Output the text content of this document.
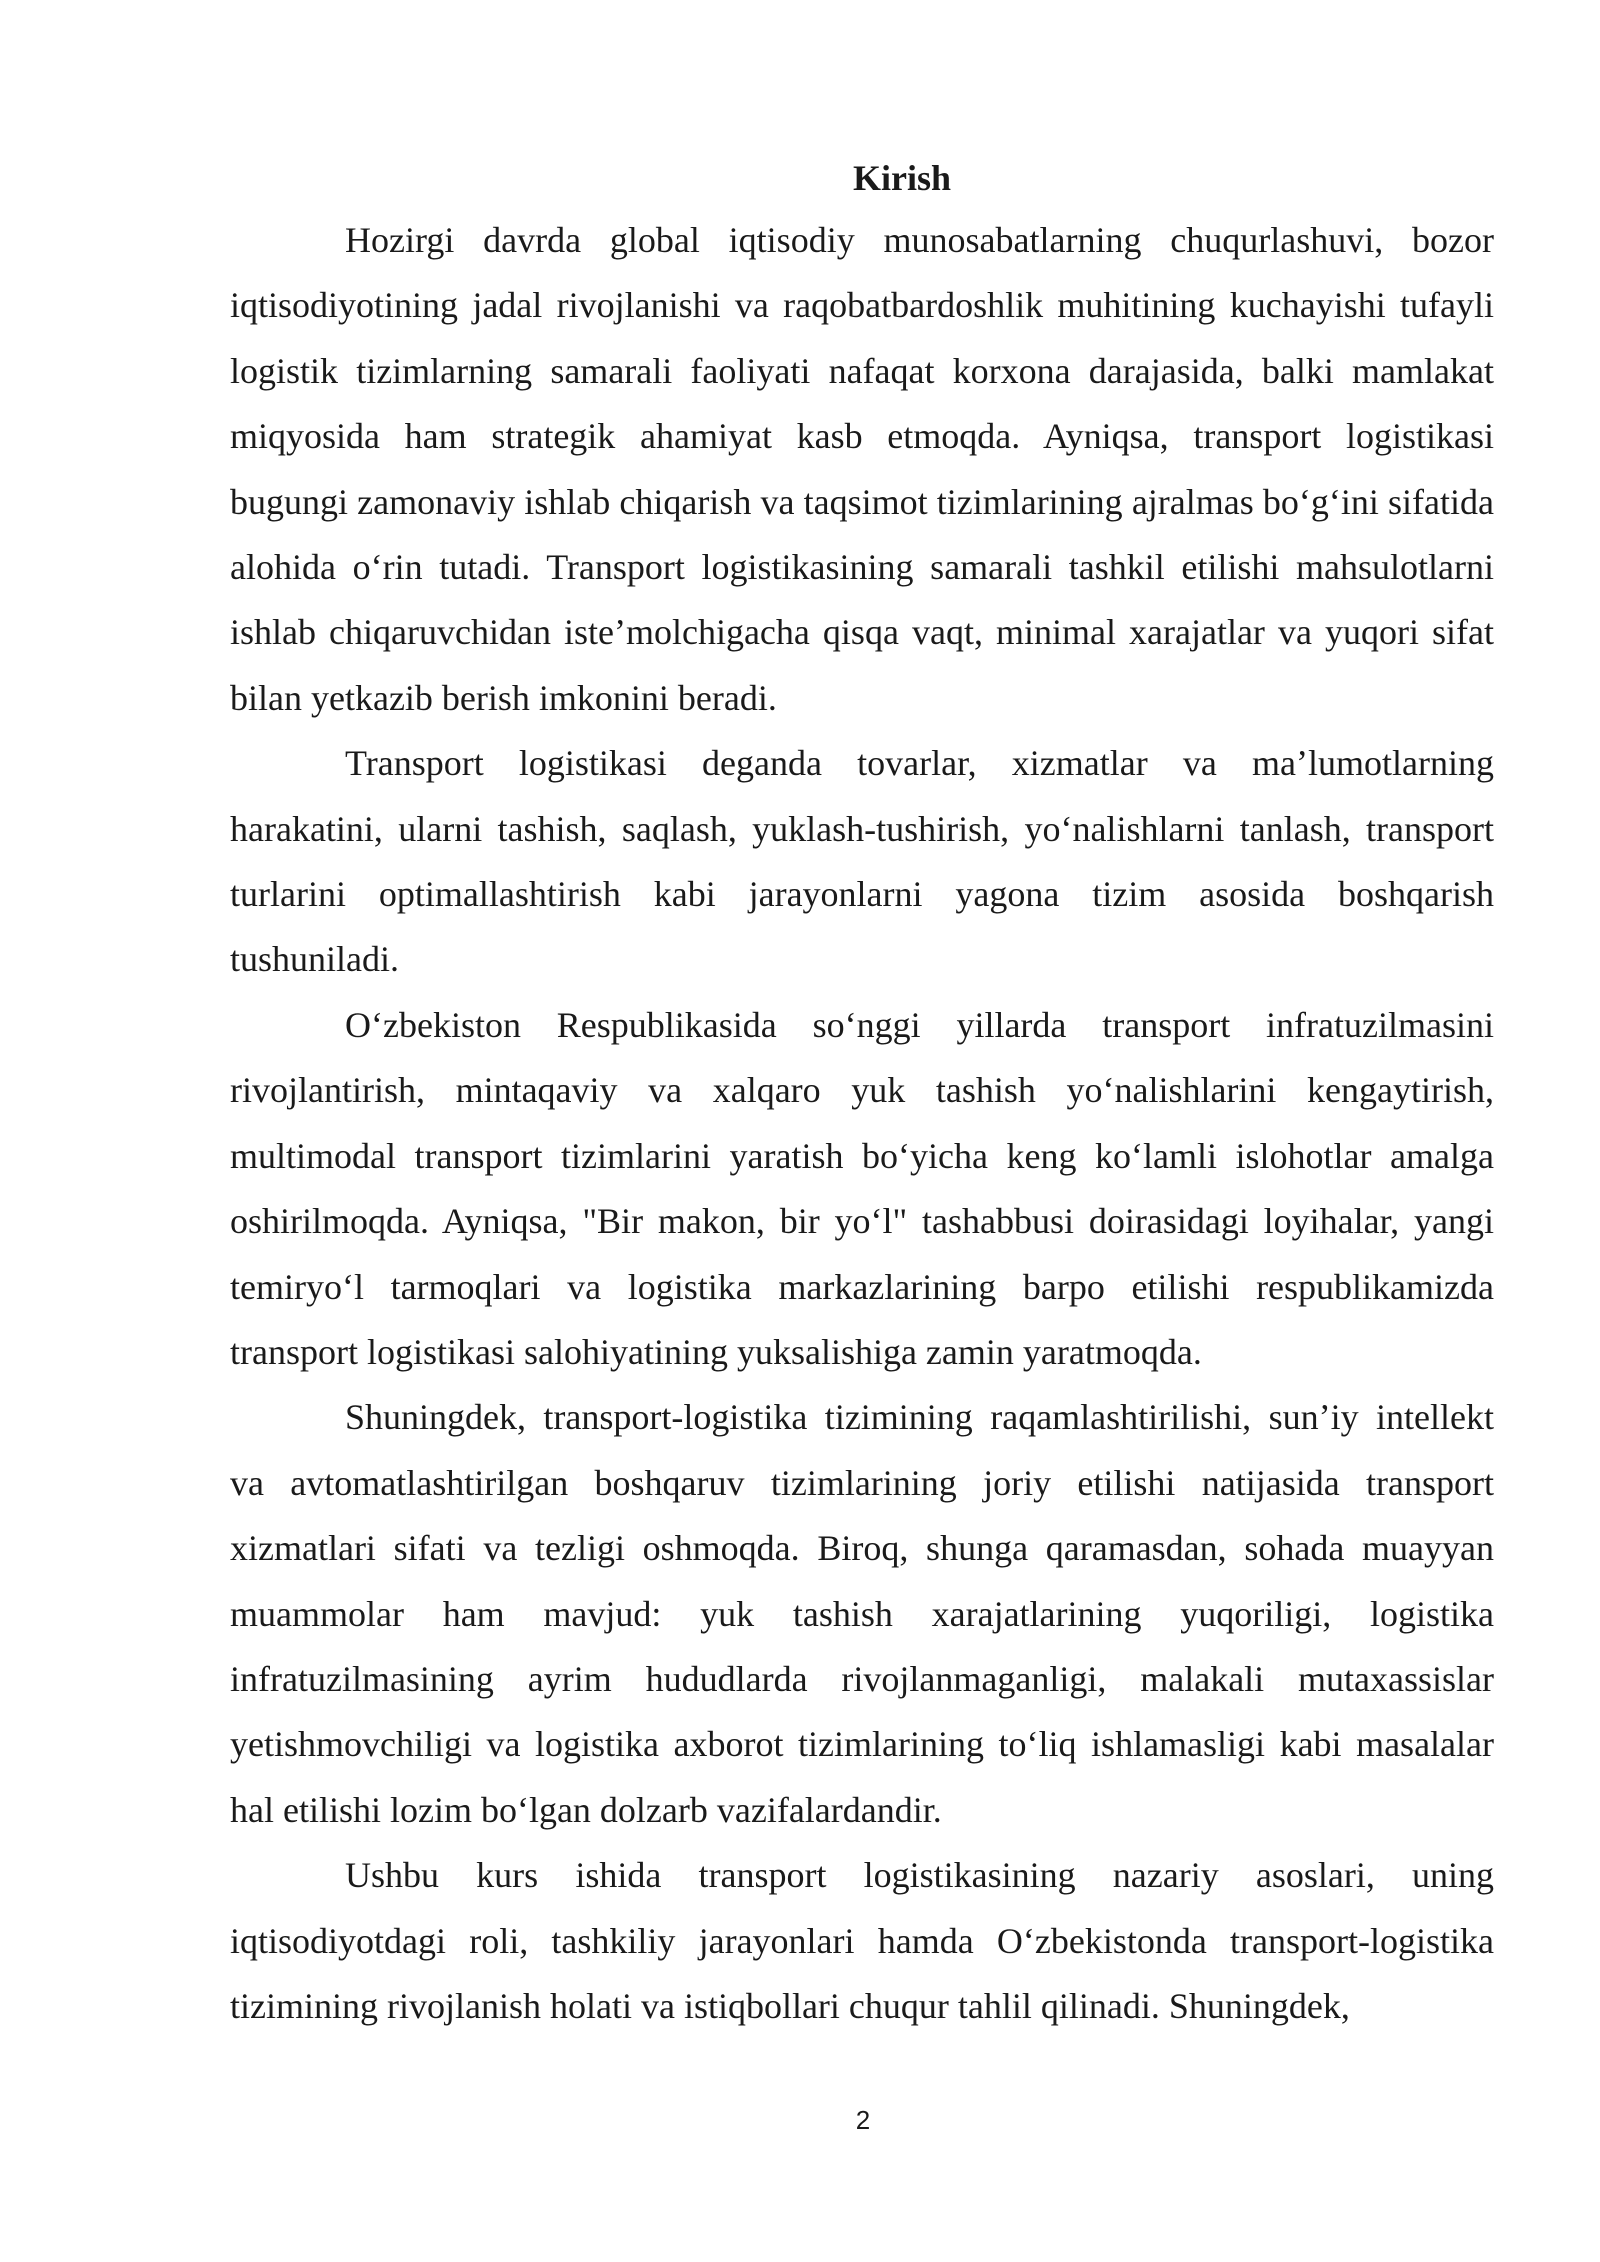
Kirish

Hozirgi davrda global iqtisodiy munosabatlarning chuqurlashuvi, bozor iqtisodiyotining jadal rivojlanishi va raqobatbardoshlik muhitining kuchayishi tufayli logistik tizimlarning samarali faoliyati nafaqat korxona darajasida, balki mamlakat miqyosida ham strategik ahamiyat kasb etmoqda. Ayniqsa, transport logistikasi bugungi zamonaviy ishlab chiqarish va taqsimot tizimlarining ajralmas boʻgʻini sifatida alohida oʻrin tutadi. Transport logistikasining samarali tashkil etilishi mahsulotlarni ishlab chiqaruvchidan isteʼmolchigacha qisqa vaqt, minimal xarajatlar va yuqori sifat bilan yetkazib berish imkonini beradi.

Transport logistikasi deganda tovarlar, xizmatlar va maʼlumotlarning harakatini, ularni tashish, saqlash, yuklash-tushirish, yoʻnalishlarni tanlash, transport turlarini optimallashtirish kabi jarayonlarni yagona tizim asosida boshqarish tushuniladi.

Oʻzbekiston Respublikasida soʻnggi yillarda transport infratuzilmasini rivojlantirish, mintaqaviy va xalqaro yuk tashish yoʻnalishlarini kengaytirish, multimodal transport tizimlarini yaratish boʻyicha keng koʻlamli islohotlar amalga oshirilmoqda. Ayniqsa, "Bir makon, bir yoʻl" tashabbusi doirasidagi loyihalar, yangi temiryoʻl tarmoqlari va logistika markazlarining barpo etilishi respublikamizda transport logistikasi salohiyatining yuksalishiga zamin yaratmoqda.

Shuningdek, transport-logistika tizimining raqamlashtirilishi, sunʼiy intellekt va avtomatlashtirilgan boshqaruv tizimlarining joriy etilishi natijasida transport xizmatlari sifati va tezligi oshmoqda. Biroq, shunga qaramasdan, sohada muayyan muammolar ham mavjud: yuk tashish xarajatlarining yuqoriligi, logistika infratuzilmasining ayrim hududlarda rivojlanmaganligi, malakali mutaxassislar yetishmovchiligi va logistika axborot tizimlarining toʻliq ishlamasligi kabi masalalar hal etilishi lozim boʻlgan dolzarb vazifalardandir.

Ushbu kurs ishida transport logistikasining nazariy asoslari, uning iqtisodiyotdagi roli, tashkiliy jarayonlari hamda Oʻzbekistonda transport-logistika tizimining rivojlanish holati va istiqbollari chuqur tahlil qilinadi. Shuningdek,

2
